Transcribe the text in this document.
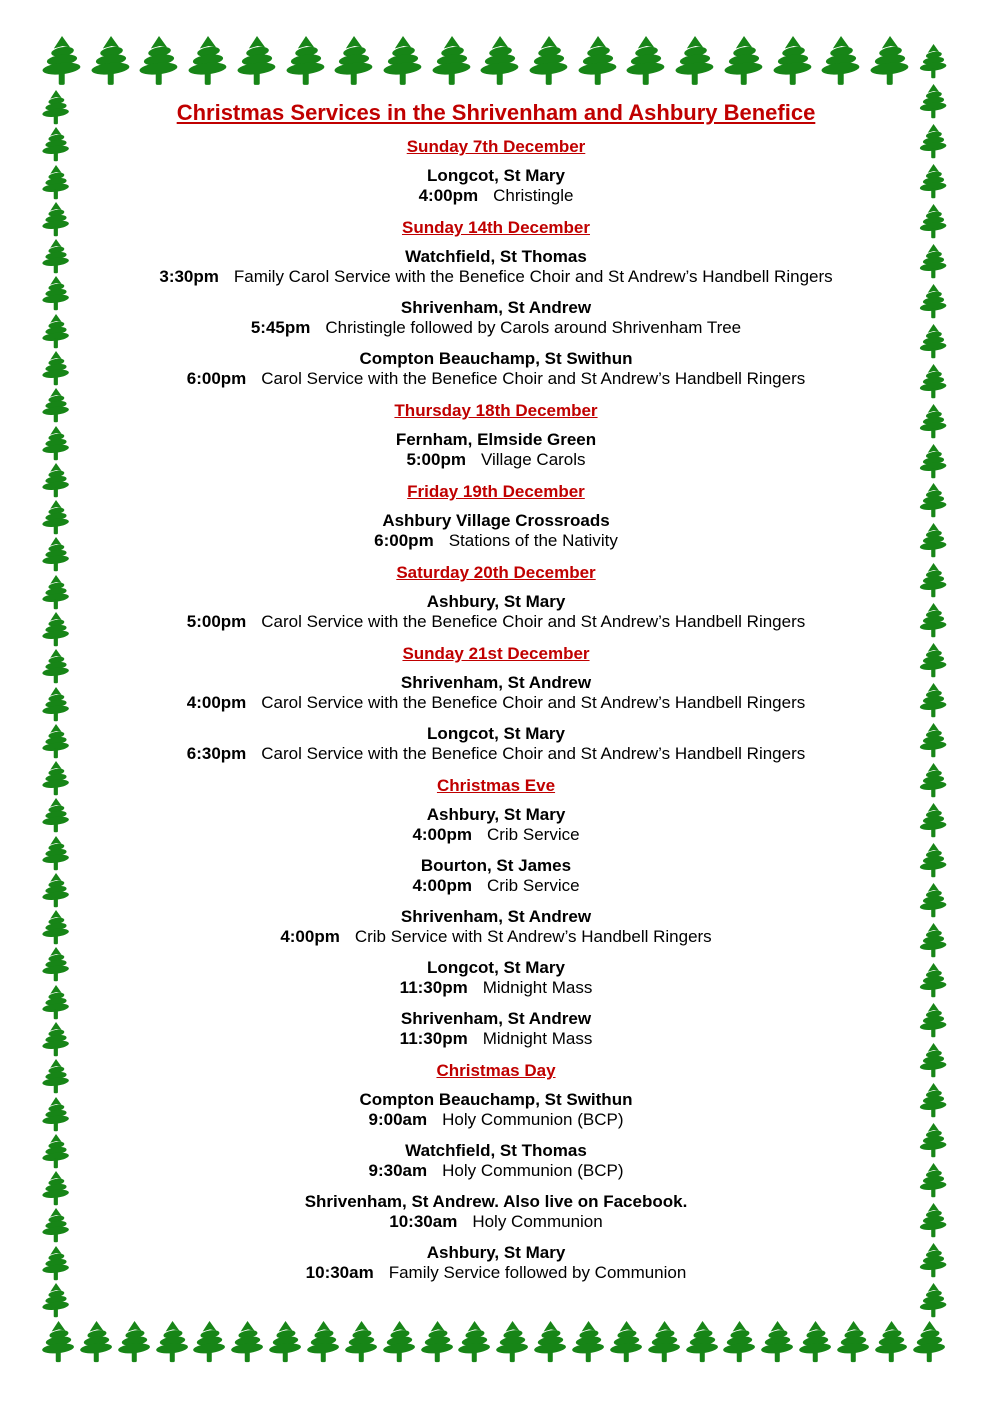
Christmas Services in the Shrivenham and Ashbury Benefice
Sunday 7th December
Longcot, St Mary
4:00pm Christingle
Sunday 14th December
Watchfield, St Thomas
3:30pm Family Carol Service with the Benefice Choir and St Andrew’s Handbell Ringers
Shrivenham, St Andrew
5:45pm Christingle followed by Carols around Shrivenham Tree
Compton Beauchamp, St Swithun
6:00pm Carol Service with the Benefice Choir and St Andrew’s Handbell Ringers
Thursday 18th December
Fernham, Elmside Green
5:00pm Village Carols
Friday 19th December
Ashbury Village Crossroads
6:00pm Stations of the Nativity
Saturday 20th December
Ashbury, St Mary
5:00pm Carol Service with the Benefice Choir and St Andrew’s Handbell Ringers
Sunday 21st December
Shrivenham, St Andrew
4:00pm Carol Service with the Benefice Choir and St Andrew’s Handbell Ringers
Longcot, St Mary
6:30pm Carol Service with the Benefice Choir and St Andrew’s Handbell Ringers
Christmas Eve
Ashbury, St Mary
4:00pm Crib Service
Bourton, St James
4:00pm Crib Service
Shrivenham, St Andrew
4:00pm Crib Service with St Andrew’s Handbell Ringers
Longcot, St Mary
11:30pm Midnight Mass
Shrivenham, St Andrew
11:30pm Midnight Mass
Christmas Day
Compton Beauchamp, St Swithun
9:00am Holy Communion (BCP)
Watchfield, St Thomas
9:30am Holy Communion (BCP)
Shrivenham, St Andrew. Also live on Facebook.
10:30am Holy Communion
Ashbury, St Mary
10:30am Family Service followed by Communion
